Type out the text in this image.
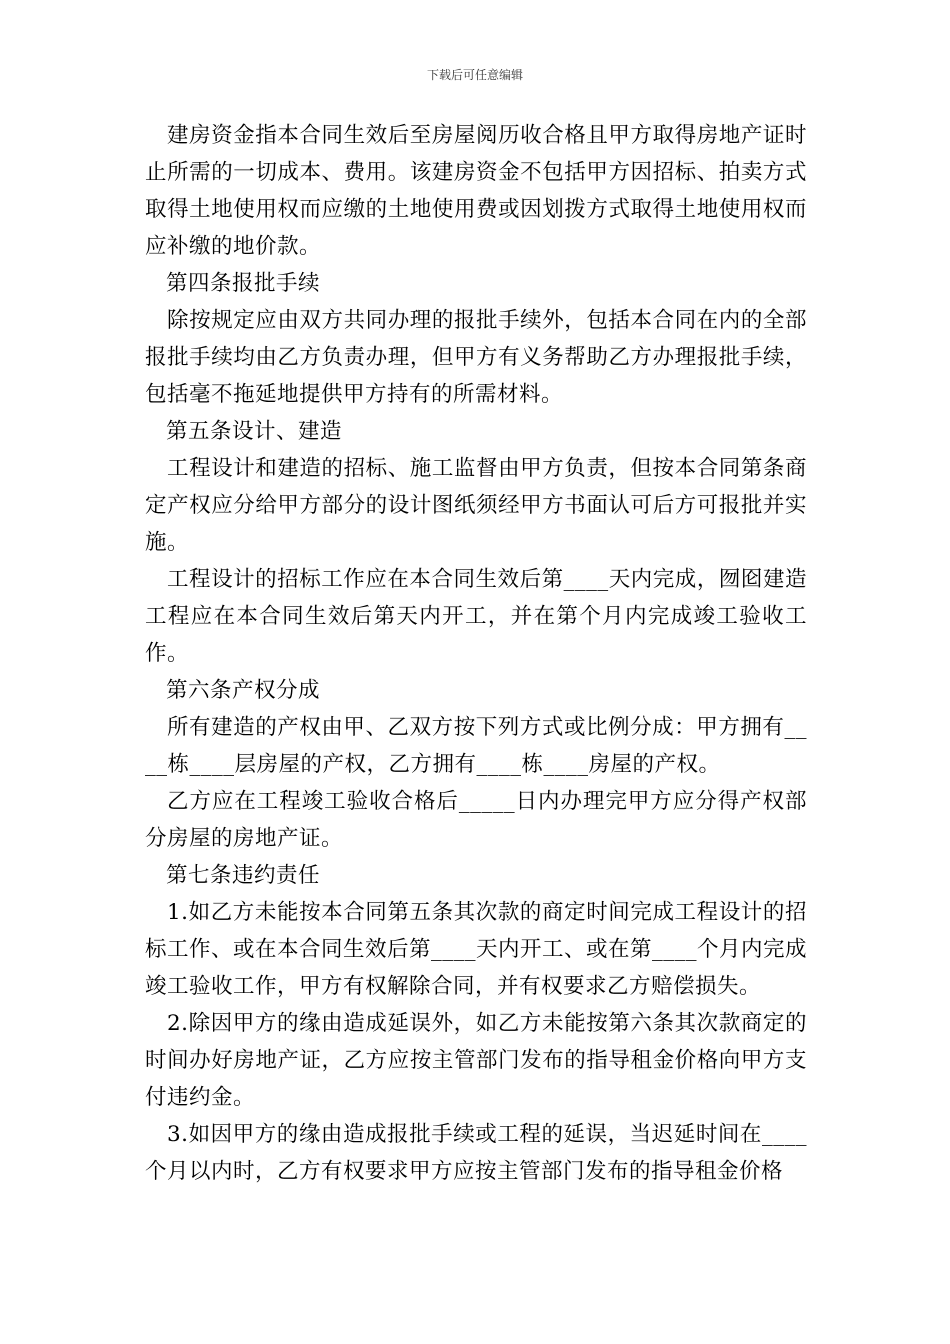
下载后可任意编辑

建房资金指本合同生效后至房屋阅历收合格且甲方取得房地产证时止所需的一切成本、费用。该建房资金不包括甲方因招标、拍卖方式取得土地使用权而应缴的土地使用费或因划拨方式取得土地使用权而应补缴的地价款。

第四条报批手续

除按规定应由双方共同办理的报批手续外，包括本合同在内的全部报批手续均由乙方负责办理，但甲方有义务帮助乙方办理报批手续，包括毫不拖延地提供甲方持有的所需材料。

第五条设计、建造

工程设计和建造的招标、施工监督由甲方负责，但按本合同第条商定产权应分给甲方部分的设计图纸须经甲方书面认可后方可报批并实施。

工程设计的招标工作应在本合同生效后第____天内完成，囫囵建造工程应在本合同生效后第天内开工，并在第个月内完成竣工验收工作。

第六条产权分成

所有建造的产权由甲、乙双方按下列方式或比例分成：甲方拥有____栋____层房屋的产权，乙方拥有____栋____房屋的产权。

乙方应在工程竣工验收合格后_____日内办理完甲方应分得产权部分房屋的房地产证。

第七条违约责任

1.如乙方未能按本合同第五条其次款的商定时间完成工程设计的招标工作、或在本合同生效后第____天内开工、或在第____个月内完成竣工验收工作，甲方有权解除合同，并有权要求乙方赔偿损失。

2.除因甲方的缘由造成延误外，如乙方未能按第六条其次款商定的时间办好房地产证，乙方应按主管部门发布的指导租金价格向甲方支付违约金。

3.如因甲方的缘由造成报批手续或工程的延误，当迟延时间在____个月以内时，乙方有权要求甲方应按主管部门发布的指导租金价格
